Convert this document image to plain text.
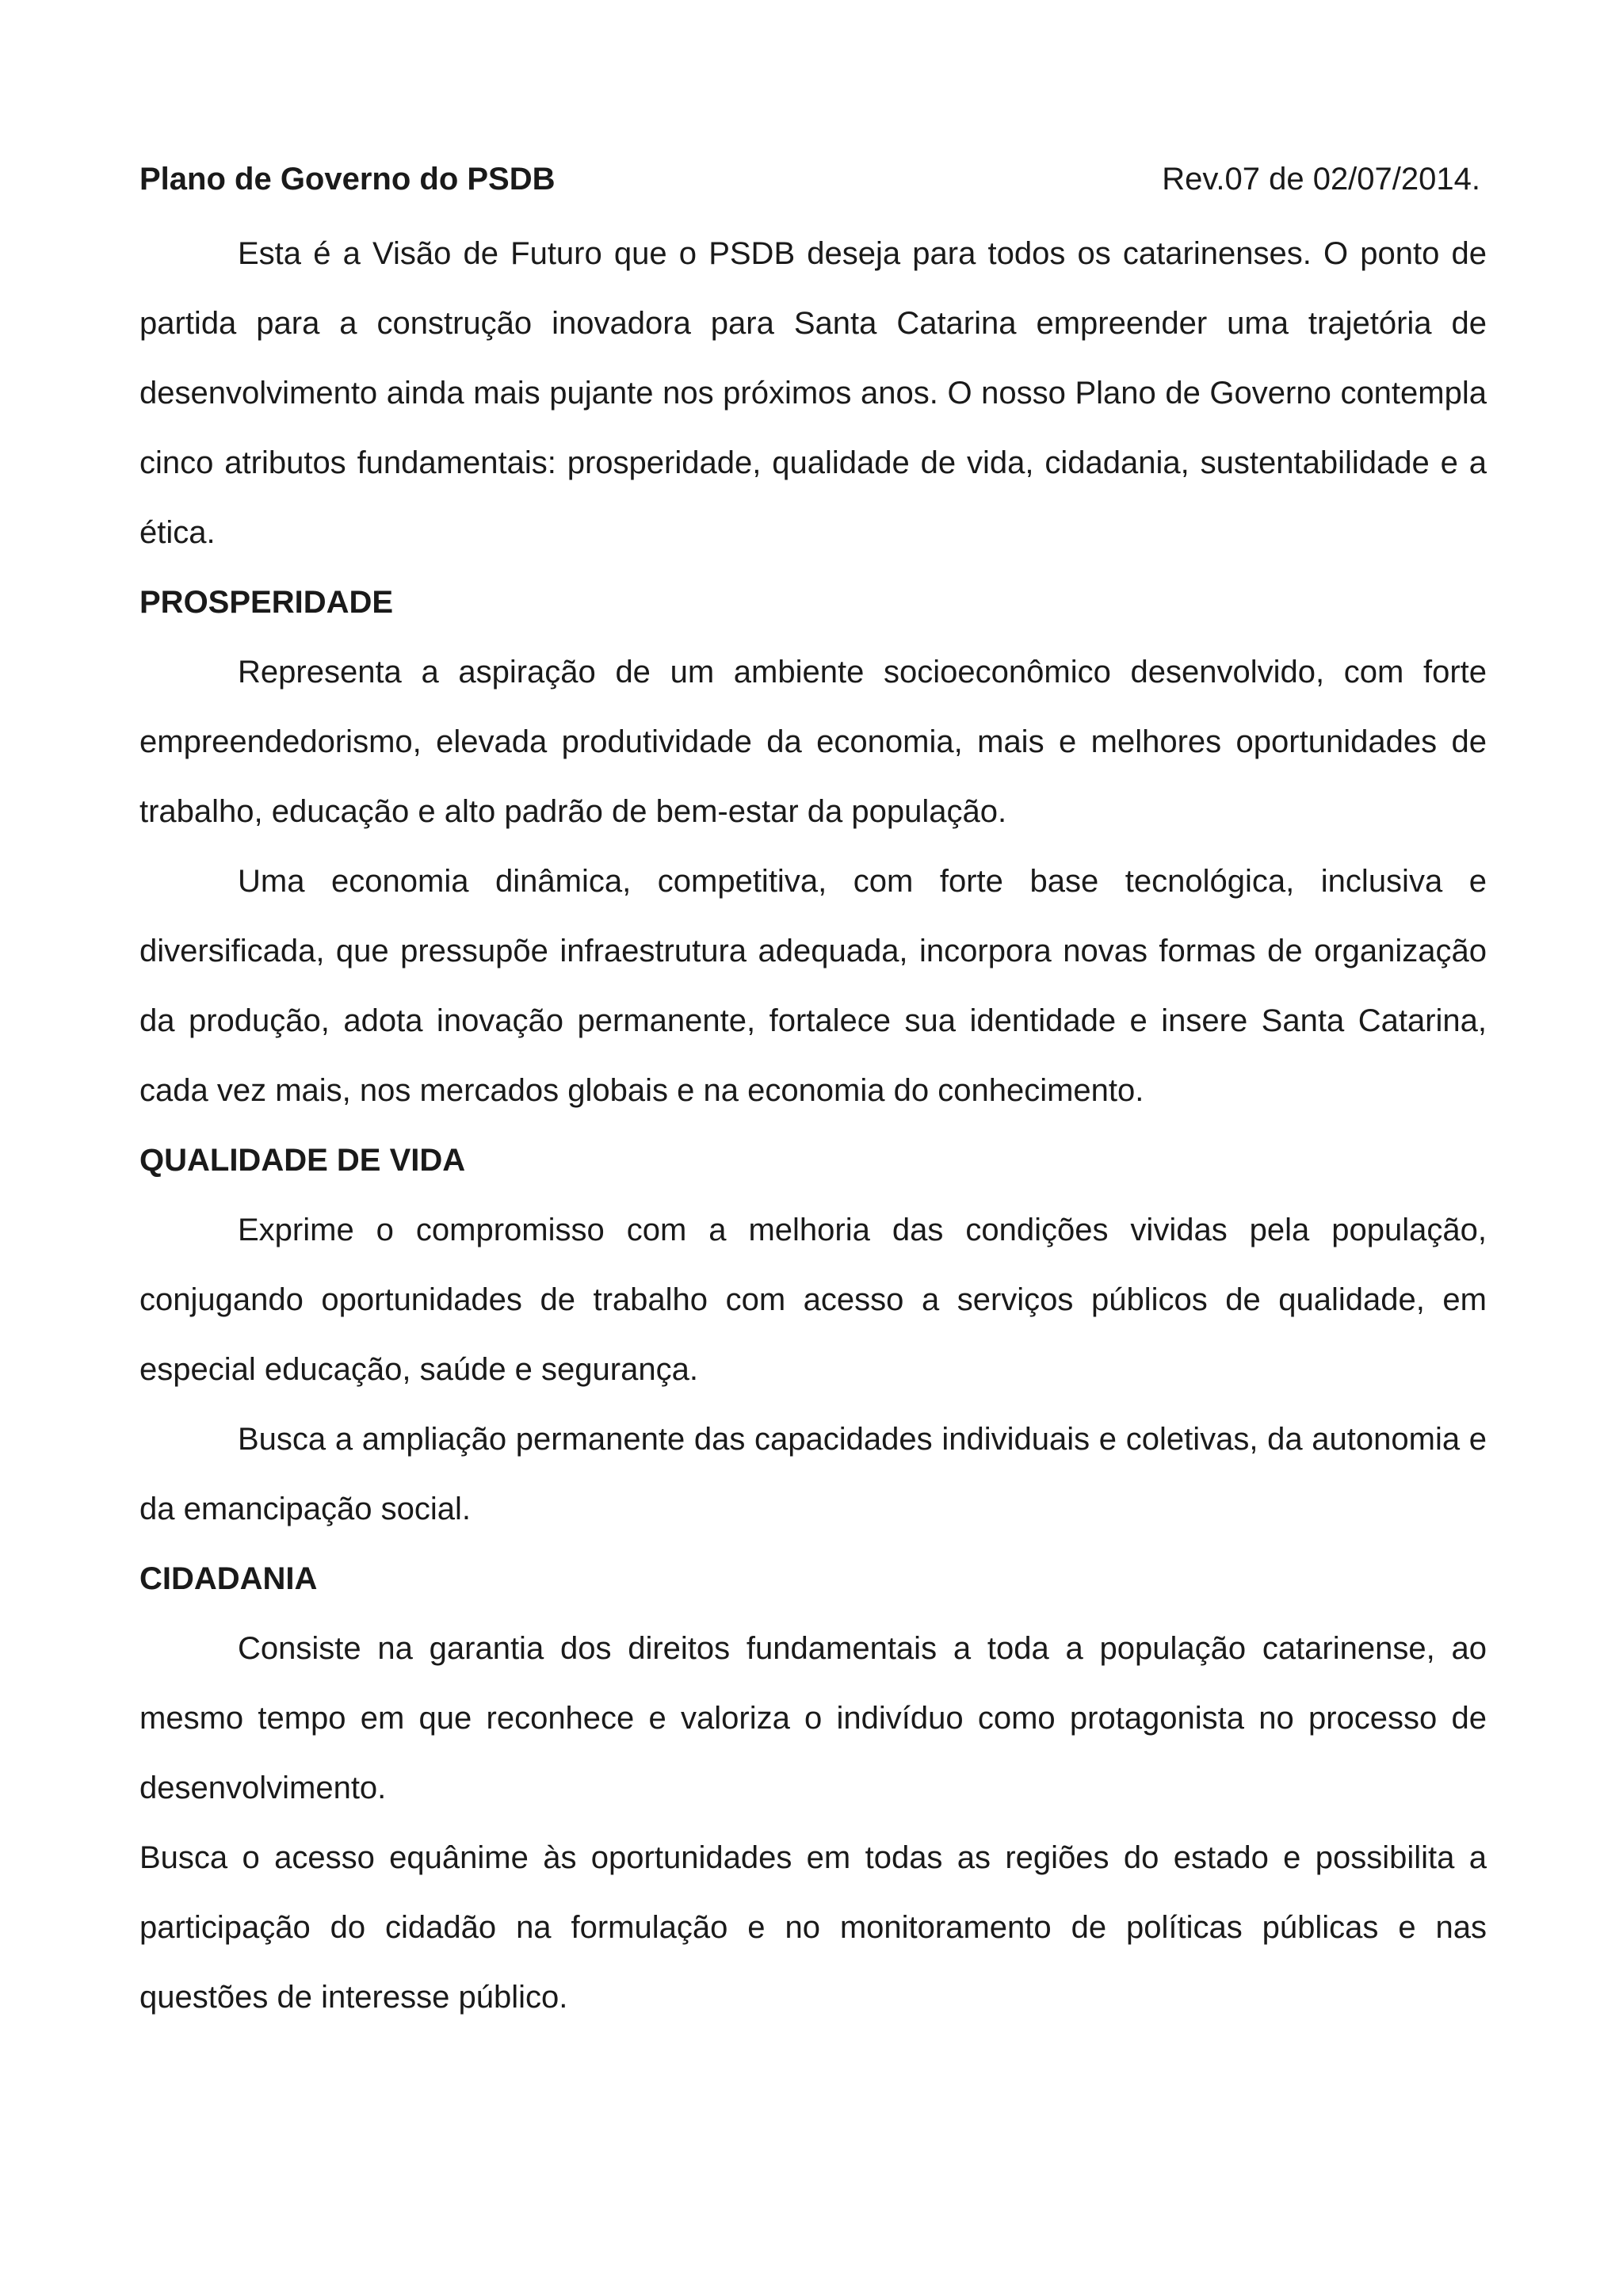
Plano de Governo do PSDB	Rev.07 de 02/07/2014.

Esta é a Visão de Futuro que o PSDB deseja para todos os catarinenses. O ponto de partida para a construção inovadora para Santa Catarina empreender uma trajetória de desenvolvimento ainda mais pujante nos próximos anos. O nosso Plano de Governo contempla cinco atributos fundamentais: prosperidade, qualidade de vida, cidadania, sustentabilidade e a ética.

PROSPERIDADE

Representa a aspiração de um ambiente socioeconômico desenvolvido, com forte empreendedorismo, elevada produtividade da economia, mais e melhores oportunidades de trabalho, educação e alto padrão de bem-estar da população.

Uma economia dinâmica, competitiva, com forte base tecnológica, inclusiva e diversificada, que pressupõe infraestrutura adequada, incorpora novas formas de organização da produção, adota inovação permanente, fortalece sua identidade e insere Santa Catarina, cada vez mais, nos mercados globais e na economia do conhecimento.

QUALIDADE DE VIDA

Exprime o compromisso com a melhoria das condições vividas pela população, conjugando oportunidades de trabalho com acesso a serviços públicos de qualidade, em especial educação, saúde e segurança.

Busca a ampliação permanente das capacidades individuais e coletivas, da autonomia e da emancipação social.

CIDADANIA

Consiste na garantia dos direitos fundamentais a toda a população catarinense, ao mesmo tempo em que reconhece e valoriza o indivíduo como protagonista no processo de desenvolvimento.

Busca o acesso equânime às oportunidades em todas as regiões do estado e possibilita a participação do cidadão na formulação e no monitoramento de políticas públicas e nas questões de interesse público.
